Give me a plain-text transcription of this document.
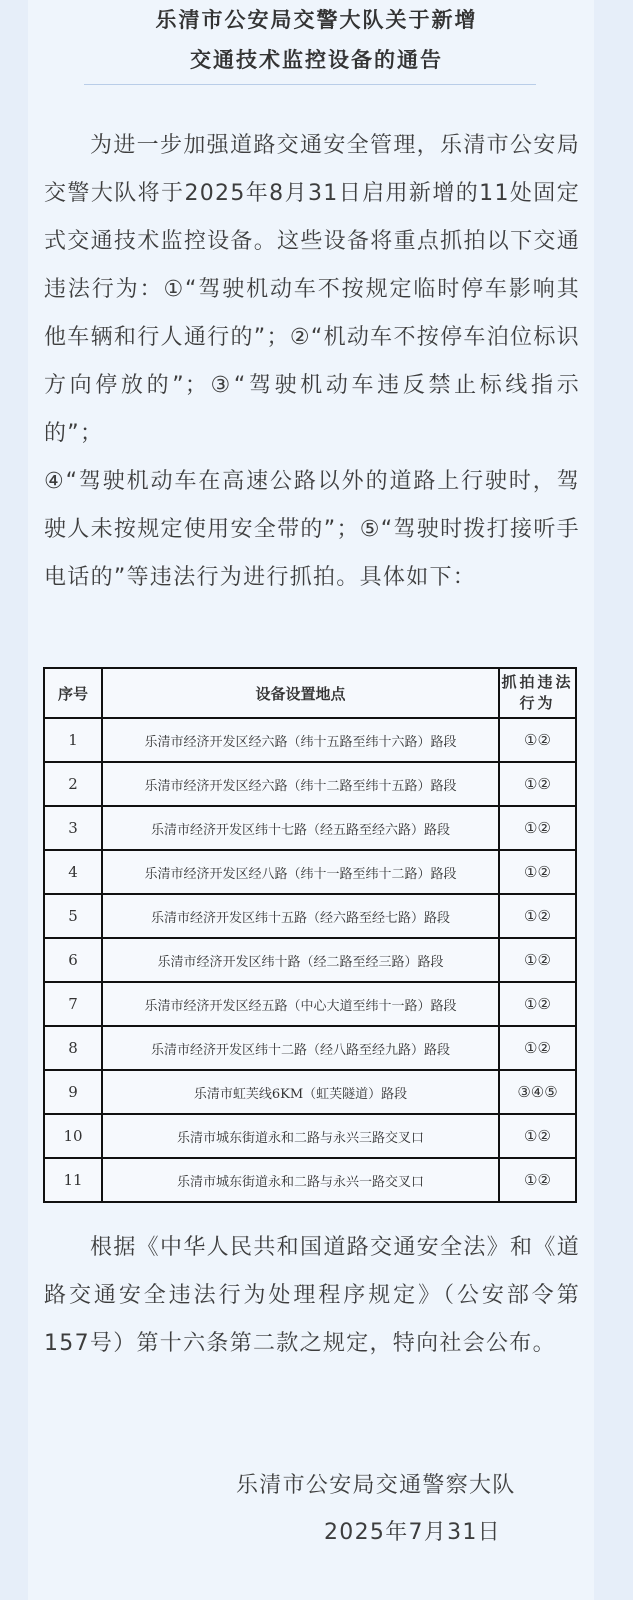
乐清市公安局交警大队关于新增
交通技术监控设备的通告
为进一步加强道路交通安全管理，乐清市公安局交警大队将于2025年8月31日启用新增的11处固定式交通技术监控设备。这些设备将重点抓拍以下交通违法行为：①“驾驶机动车不按规定临时停车影响其他车辆和行人通行的”；②“机动车不按停车泊位标识方向停放的”；③“驾驶机动车违反禁止标线指示的”；
④“驾驶机动车在高速公路以外的道路上行驶时，驾驶人未按规定使用安全带的”；⑤“驾驶时拨打接听手电话的”等违法行为进行抓拍。具体如下：
序号	设备设置地点	抓拍违法行为
1	乐清市经济开发区经六路（纬十五路至纬十六路）路段	①②
2	乐清市经济开发区经六路（纬十二路至纬十五路）路段	①②
3	乐清市经济开发区纬十七路（经五路至经六路）路段	①②
4	乐清市经济开发区经八路（纬十一路至纬十二路）路段	①②
5	乐清市经济开发区纬十五路（经六路至经七路）路段	①②
6	乐清市经济开发区纬十路（经二路至经三路）路段	①②
7	乐清市经济开发区经五路（中心大道至纬十一路）路段	①②
8	乐清市经济开发区纬十二路（经八路至经九路）路段	①②
9	乐清市虹芙线6KM（虹芙隧道）路段	③④⑤
10	乐清市城东街道永和二路与永兴三路交叉口	①②
11	乐清市城东街道永和二路与永兴一路交叉口	①②
根据《中华人民共和国道路交通安全法》和《道路交通安全违法行为处理程序规定》（公安部令第157号）第十六条第二款之规定，特向社会公布。
乐清市公安局交通警察大队
2025年7月31日
